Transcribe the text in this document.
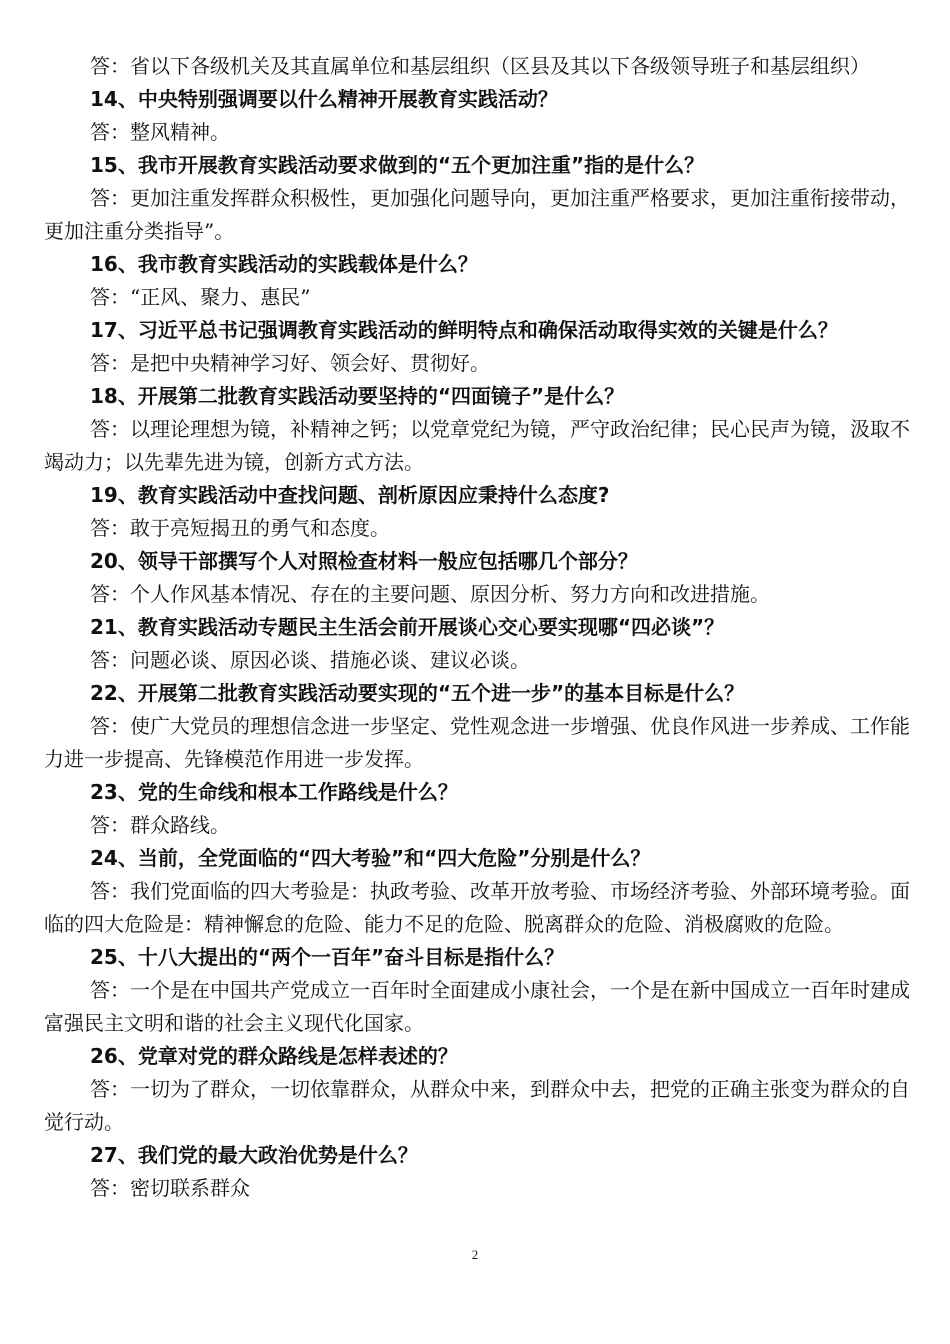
答：省以下各级机关及其直属单位和基层组织（区县及其以下各级领导班子和基层组织）

14、中央特别强调要以什么精神开展教育实践活动？

答：整风精神。

15、我市开展教育实践活动要求做到的“五个更加注重”指的是什么？

答：更加注重发挥群众积极性，更加强化问题导向，更加注重严格要求，更加注重衔接带动，更加注重分类指导”。

16、我市教育实践活动的实践载体是什么？

答：“正风、聚力、惠民”

17、习近平总书记强调教育实践活动的鲜明特点和确保活动取得实效的关键是什么？

答：是把中央精神学习好、领会好、贯彻好。

18、开展第二批教育实践活动要坚持的“四面镜子”是什么？

答：以理论理想为镜，补精神之钙；以党章党纪为镜，严守政治纪律；民心民声为镜，汲取不竭动力；以先辈先进为镜，创新方式方法。

19、教育实践活动中查找问题、剖析原因应秉持什么态度?

答：敢于亮短揭丑的勇气和态度。

20、领导干部撰写个人对照检查材料一般应包括哪几个部分？

答：个人作风基本情况、存在的主要问题、原因分析、努力方向和改进措施。

21、教育实践活动专题民主生活会前开展谈心交心要实现哪“四必谈”？

答：问题必谈、原因必谈、措施必谈、建议必谈。

22、开展第二批教育实践活动要实现的“五个进一步”的基本目标是什么？

答：使广大党员的理想信念进一步坚定、党性观念进一步增强、优良作风进一步养成、工作能力进一步提高、先锋模范作用进一步发挥。

23、党的生命线和根本工作路线是什么？

答：群众路线。

24、当前，全党面临的“四大考验”和“四大危险”分别是什么？

答：我们党面临的四大考验是：执政考验、改革开放考验、市场经济考验、外部环境考验。面临的四大危险是：精神懈怠的危险、能力不足的危险、脱离群众的危险、消极腐败的危险。

25、十八大提出的“两个一百年”奋斗目标是指什么？

答：一个是在中国共产党成立一百年时全面建成小康社会，一个是在新中国成立一百年时建成富强民主文明和谐的社会主义现代化国家。

26、党章对党的群众路线是怎样表述的？

答：一切为了群众，一切依靠群众，从群众中来，到群众中去，把党的正确主张变为群众的自觉行动。

27、我们党的最大政治优势是什么？

答：密切联系群众

2
